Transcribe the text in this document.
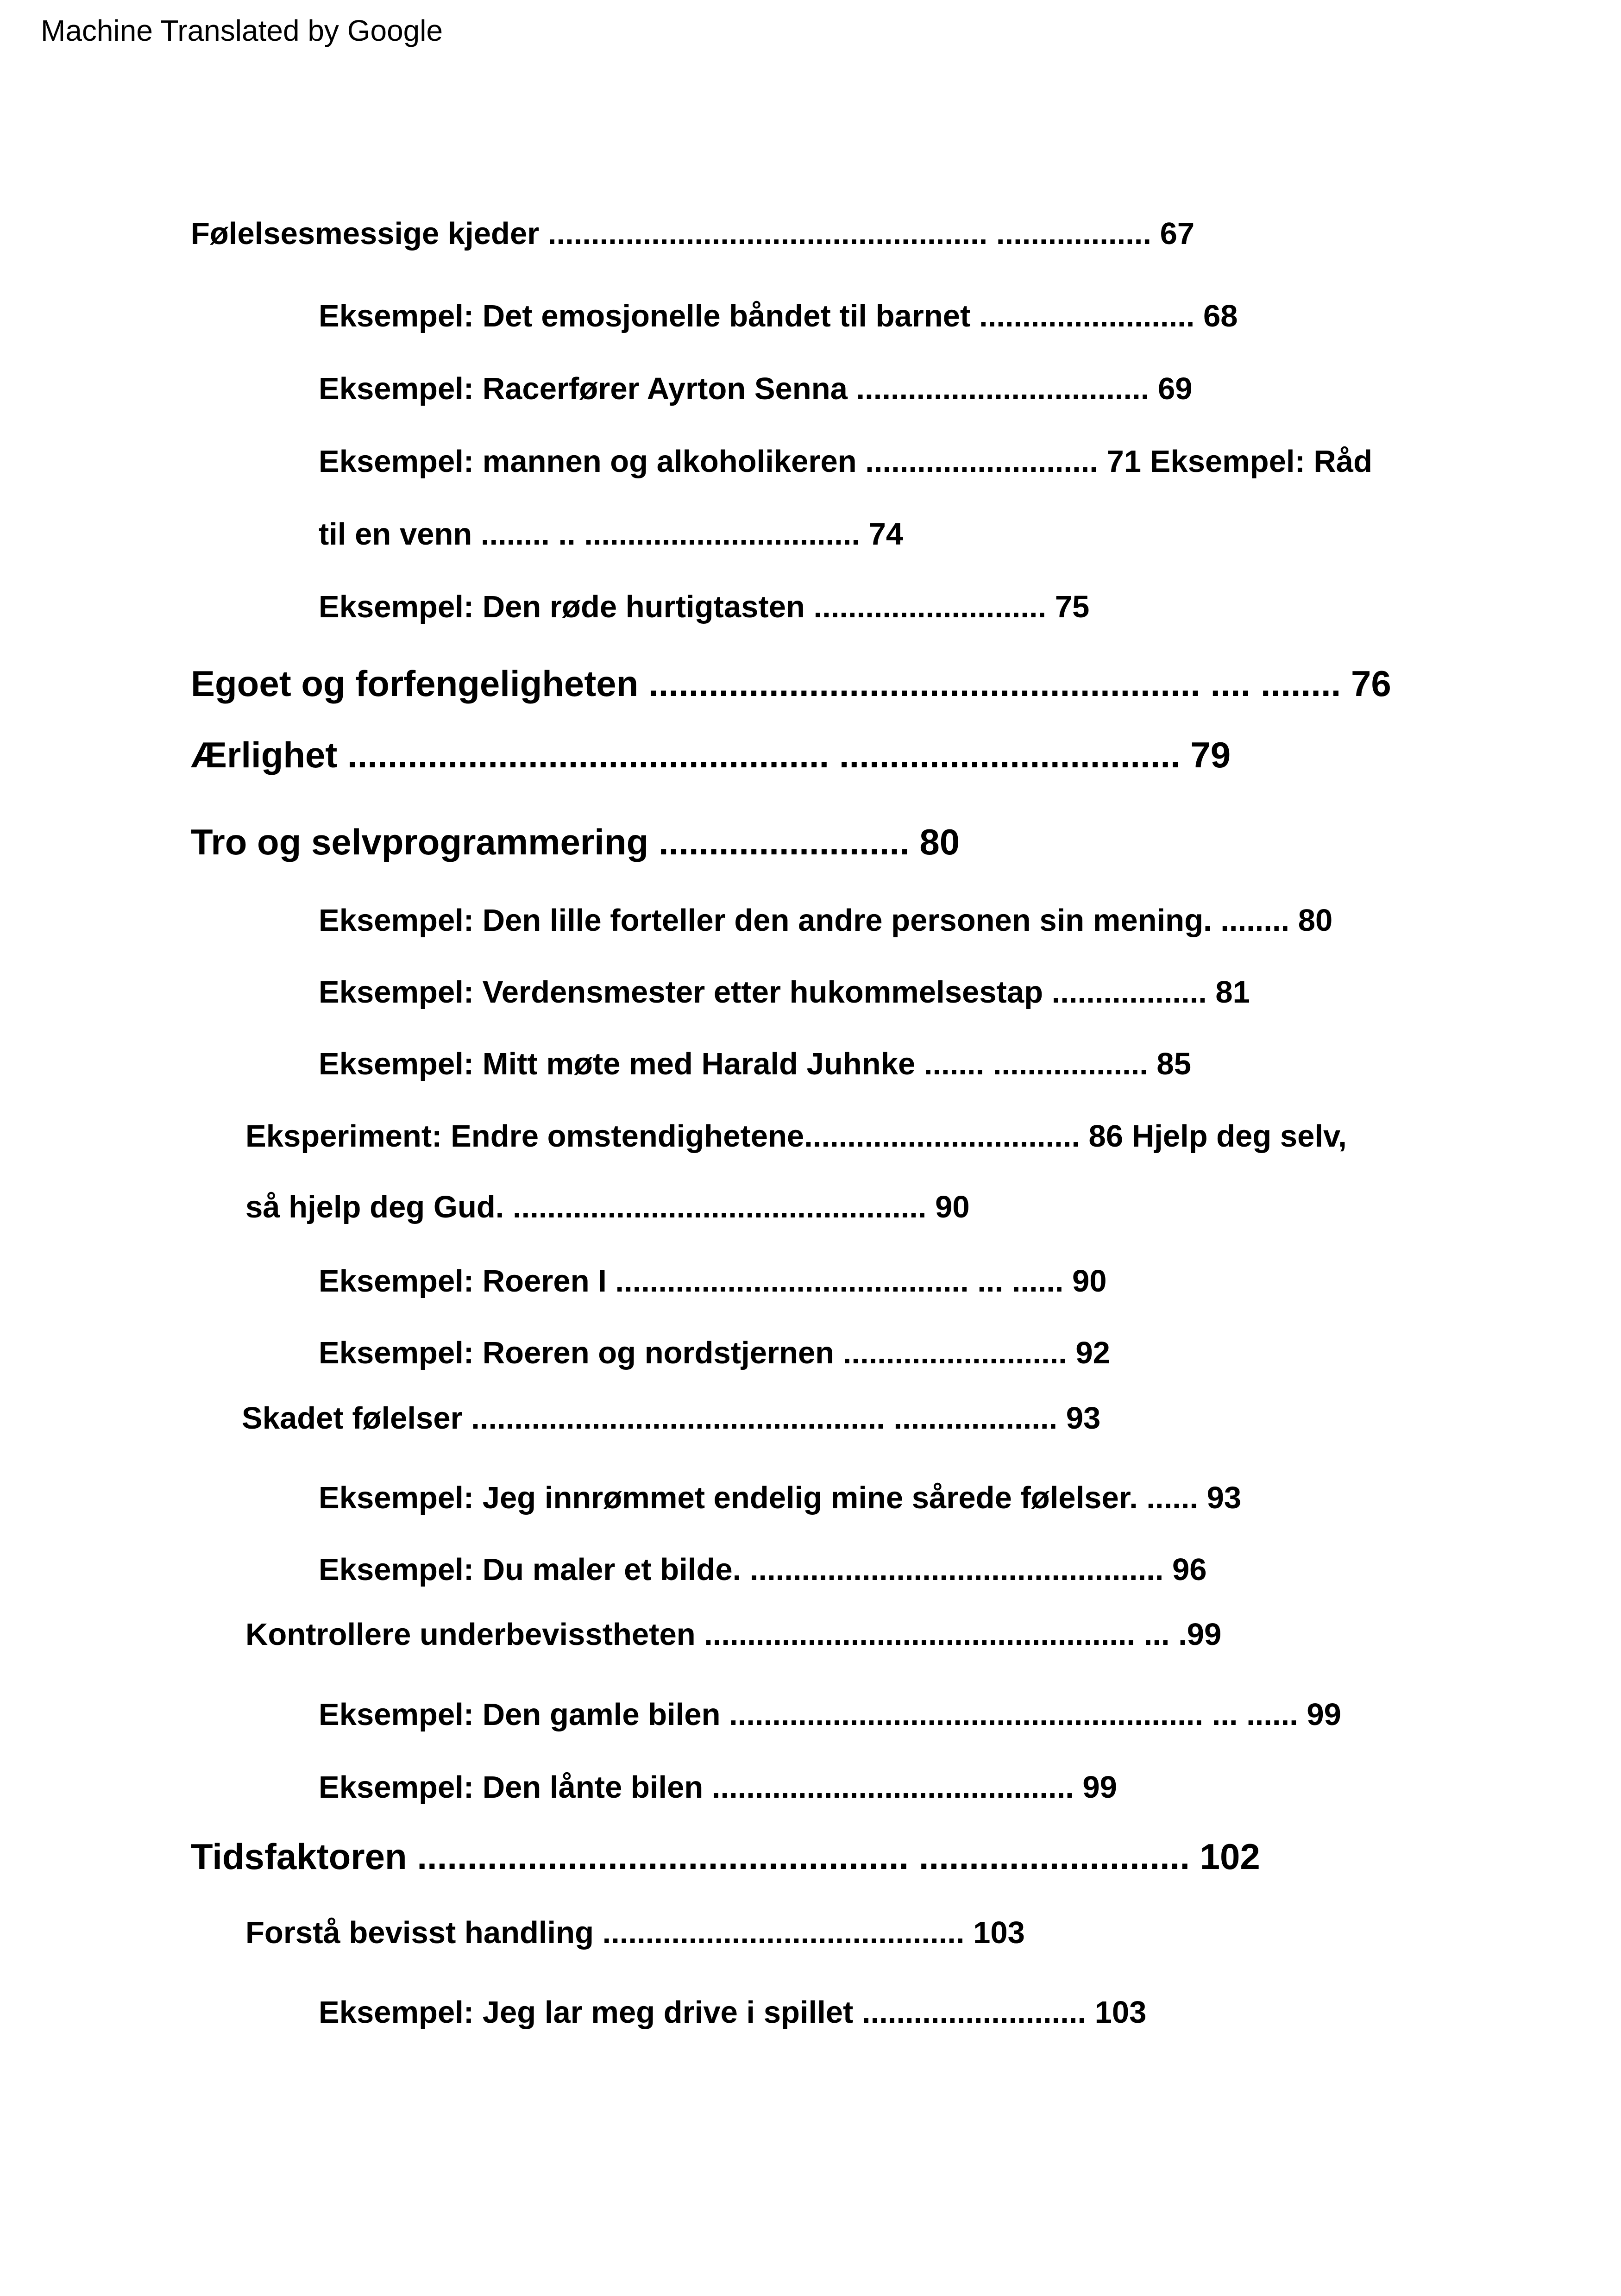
Machine Translated by Google
Følelsesmessige kjeder ................................................... .................. 67
Eksempel: Det emosjonelle båndet til barnet ......................... 68
Eksempel: Racerfører Ayrton Senna .................................. 69
Eksempel: mannen og alkoholikeren ........................... 71 Eksempel: Råd
til en venn ........ .. ................................ 74
Eksempel: Den røde hurtigtasten ........................... 75
Egoet og forfengeligheten ....................................................... .... ........ 76
Ærlighet ................................................ .................................. 79
Tro og selvprogrammering ......................... 80
Eksempel: Den lille forteller den andre personen sin mening. ........ 80
Eksempel: Verdensmester etter hukommelsestap .................. 81
Eksempel: Mitt møte med Harald Juhnke ....... .................. 85
Eksperiment: Endre omstendighetene................................ 86 Hjelp deg selv,
så hjelp deg Gud. ................................................ 90
Eksempel: Roeren I ......................................... ... ...... 90
Eksempel: Roeren og nordstjernen .......................... 92
Skadet følelser ................................................ ................... 93
Eksempel: Jeg innrømmet endelig mine sårede følelser. ...... 93
Eksempel: Du maler et bilde. ................................................ 96
Kontrollere underbevisstheten .................................................. ... .99
Eksempel: Den gamle bilen ....................................................... ... ...... 99
Eksempel: Den lånte bilen .......................................... 99
Tidsfaktoren ................................................. ........................... 102
Forstå bevisst handling .......................................... 103
Eksempel: Jeg lar meg drive i spillet .......................... 103
